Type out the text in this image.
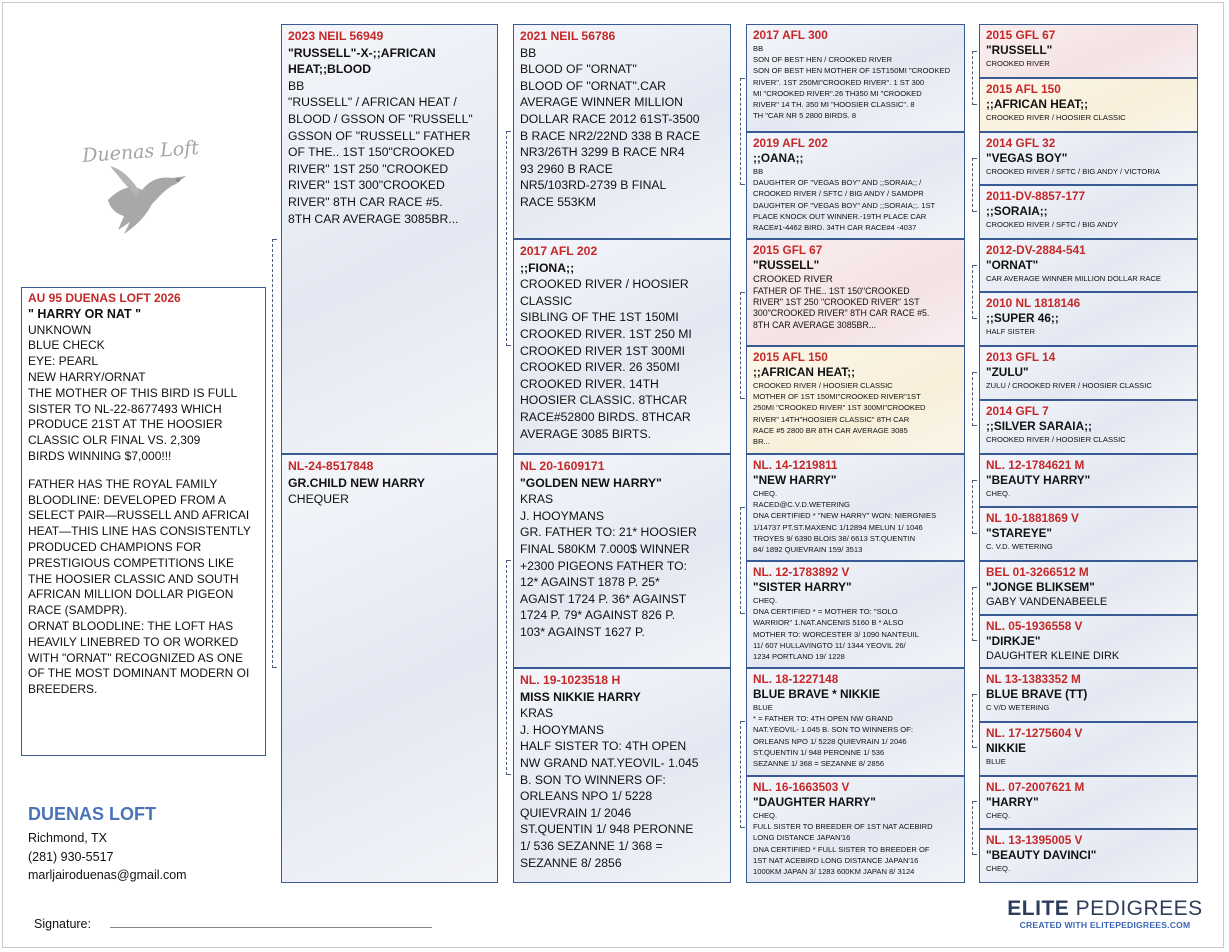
Duenas Loft
AU 95 DUENAS LOFT 2026
" HARRY OR NAT "
UNKNOWN
BLUE CHECK
EYE: PEARL
NEW HARRY/ORNAT
THE MOTHER OF THIS BIRD IS FULL
SISTER TO NL-22-8677493 WHICH
PRODUCE 21ST AT THE HOOSIER
CLASSIC OLR FINAL VS. 2,309
BIRDS WINNING $7,000!!!
FATHER HAS THE ROYAL FAMILY
BLOODLINE: DEVELOPED FROM A
SELECT PAIR—RUSSELL AND AFRICAI
HEAT—THIS LINE HAS CONSISTENTLY
PRODUCED CHAMPIONS FOR
PRESTIGIOUS COMPETITIONS LIKE
THE HOOSIER CLASSIC AND SOUTH
AFRICAN MILLION DOLLAR PIGEON
RACE (SAMDPR).
ORNAT BLOODLINE: THE LOFT HAS
HEAVILY LINEBRED TO OR WORKED
WITH "ORNAT" RECOGNIZED AS ONE
OF THE MOST DOMINANT MODERN OI
BREEDERS.
2023 NEIL 56949
"RUSSELL"-X-;;AFRICAN HEAT;;BLOOD
BB
"RUSSELL" / AFRICAN HEAT /
BLOOD / GSSON OF "RUSSELL"
GSSON OF "RUSSELL" FATHER
OF THE.. 1ST 150"CROOKED
RIVER" 1ST 250 "CROOKED
RIVER" 1ST 300"CROOKED
RIVER" 8TH CAR RACE #5.
8TH CAR AVERAGE 3085BR...
NL-24-8517848
GR.CHILD NEW HARRY
CHEQUER
2021 NEIL 56786
BB
BLOOD OF "ORNAT"
BLOOD OF "ORNAT".CAR
AVERAGE WINNER MILLION
DOLLAR RACE 2012 61ST-3500
B RACE NR2/22ND 338 B RACE
NR3/26TH 3299 B RACE NR4
93 2960 B RACE
NR5/103RD-2739 B FINAL
RACE 553KM
2017 AFL 202
;;FIONA;;
CROOKED RIVER / HOOSIER
CLASSIC
SIBLING OF THE 1ST 150MI
CROOKED RIVER. 1ST 250 MI
CROOKED RIVER 1ST 300MI
CROOKED RIVER. 26 350MI
CROOKED RIVER. 14TH
HOOSIER CLASSIC. 8THCAR
RACE#52800 BIRDS. 8THCAR
AVERAGE 3085 BIRTS.
NL 20-1609171
"GOLDEN NEW HARRY"
KRAS
J. HOOYMANS
GR. FATHER TO: 21* HOOSIER
FINAL 580KM 7.000$ WINNER
+2300 PIGEONS FATHER TO:
12* AGAINST 1878 P. 25*
AGAIST 1724 P. 36* AGAINST
1724 P. 79* AGAINST 826 P.
103* AGAINST 1627 P.
NL. 19-1023518 H
MISS NIKKIE HARRY
KRAS
J. HOOYMANS
HALF SISTER TO: 4TH OPEN
NW GRAND NAT.YEOVIL- 1.045
B. SON TO WINNERS OF:
ORLEANS NPO 1/ 5228
QUIEVRAIN 1/ 2046
ST.QUENTIN 1/ 948 PERONNE
1/ 536 SEZANNE 1/ 368 =
SEZANNE 8/ 2856
2017 AFL 300
BB
SON OF BEST HEN / CROOKED RIVER
SON OF BEST HEN MOTHER OF 1ST150MI "CROOKED
RIVER". 1ST 250MI"CROOKED RIVER". 1 ST 300
MI "CROOKED RIVER".26 TH350 MI "CROOKED
RIVER" 14 TH. 350 MI "HOOSIER CLASSIC". 8
TH "CAR NR 5 2800 BIRDS. 8
2019 AFL 202
;;OANA;;
BB
DAUGHTER OF "VEGAS BOY" AND ;;SORAIA;; /
CROOKED RIVER / SFTC / BIG ANDY / SAMDPR
DAUGHTER OF "VEGAS BOY" AND ;;SORAIA;;. 1ST
PLACE KNOCK OUT WINNER.-19TH PLACE CAR
RACE#1-4462 BIRD. 34TH CAR RACE#4 -4037
2015 GFL 67
"RUSSELL"
CROOKED RIVER
FATHER OF THE.. 1ST 150"CROOKED
RIVER" 1ST 250 "CROOKED RIVER" 1ST
300"CROOKED RIVER" 8TH CAR RACE #5.
8TH CAR AVERAGE 3085BR...
2015 AFL 150
;;AFRICAN HEAT;;
CROOKED RIVER / HOOSIER CLASSIC
MOTHER OF 1ST 150MI"CROOKED RIVER"1ST
250MI "CROOKED RIVER" 1ST 300MI"CROOKED
RIVER" 14TH"HOOSIER CLASSIC" 8TH CAR
RACE #5 2800 BR 8TH CAR AVERAGE 3085
BR...
NL. 14-1219811
"NEW HARRY"
CHEQ.
RACED@C.V.D.WETERING
DNA CERTIFIED * "NEW HARRY" WON: NIERGNIES
1/14737 PT.ST.MAXENC 1/12894 MELUN 1/ 1046
TROYES 9/ 6390 BLOIS 38/ 6613 ST.QUENTIN
84/ 1892 QUIEVRAIN 159/ 3513
NL. 12-1783892 V
"SISTER HARRY"
CHEQ.
DNA CERTIFIED * = MOTHER TO: "SOLO
WARRIOR" 1.NAT.ANCENIS 5160 B * ALSO
MOTHER TO: WORCESTER 3/ 1090 NANTEUIL
11/ 607 HULLAVINGTO 11/ 1344 YEOVIL 26/
1234 PORTLAND 19/ 1228
NL. 18-1227148
BLUE BRAVE * NIKKIE
BLUE
* = FATHER TO: 4TH OPEN NW GRAND
NAT.YEOVIL- 1.045 B. SON TO WINNERS OF:
ORLEANS NPO 1/ 5228 QUIEVRAIN 1/ 2046
ST.QUENTIN 1/ 948 PERONNE 1/ 536
SEZANNE 1/ 368 = SEZANNE 8/ 2856
NL. 16-1663503 V
"DAUGHTER HARRY"
CHEQ.
FULL SISTER TO BREEDER OF 1ST NAT ACEBIRD
LONG DISTANCE JAPAN'16
DNA CERTIFIED * FULL SISTER TO BREEDER OF
1ST NAT ACEBIRD LONG DISTANCE JAPAN'16
1000KM JAPAN 3/ 1283 600KM JAPAN 8/ 3124
2015 GFL 67
"RUSSELL"
CROOKED RIVER
2015 AFL 150
;;AFRICAN HEAT;;
CROOKED RIVER / HOOSIER CLASSIC
2014 GFL 32
"VEGAS BOY"
CROOKED RIVER / SFTC / BIG ANDY / VICTORIA
2011-DV-8857-177
;;SORAIA;;
CROOKED RIVER / SFTC / BIG ANDY
2012-DV-2884-541
"ORNAT"
CAR AVERAGE WINNER MILLION DOLLAR RACE
2010 NL 1818146
;;SUPER 46;;
HALF SISTER
2013 GFL 14
"ZULU"
ZULU / CROOKED RIVER / HOOSIER CLASSIC
2014 GFL 7
;;SILVER SARAIA;;
CROOKED RIVER / HOOSIER CLASSIC
NL. 12-1784621 M
"BEAUTY HARRY"
CHEQ.
NL 10-1881869 V
"STAREYE"
C. V.D. WETERING
BEL 01-3266512 M
"JONGE BLIKSEM"
GABY VANDENABEELE
NL. 05-1936558 V
"DIRKJE"
DAUGHTER KLEINE DIRK
NL 13-1383352 M
BLUE BRAVE (TT)
C V/D WETERING
NL. 17-1275604 V
NIKKIE
BLUE
NL. 07-2007621 M
"HARRY"
CHEQ.
NL. 13-1395005 V
"BEAUTY DAVINCI"
CHEQ.
DUENAS LOFT
Richmond, TX
(281) 930-5517
marljairoduenas@gmail.com
Signature:
ELITE PEDIGREES
CREATED WITH ELITEPEDIGREES.COM
